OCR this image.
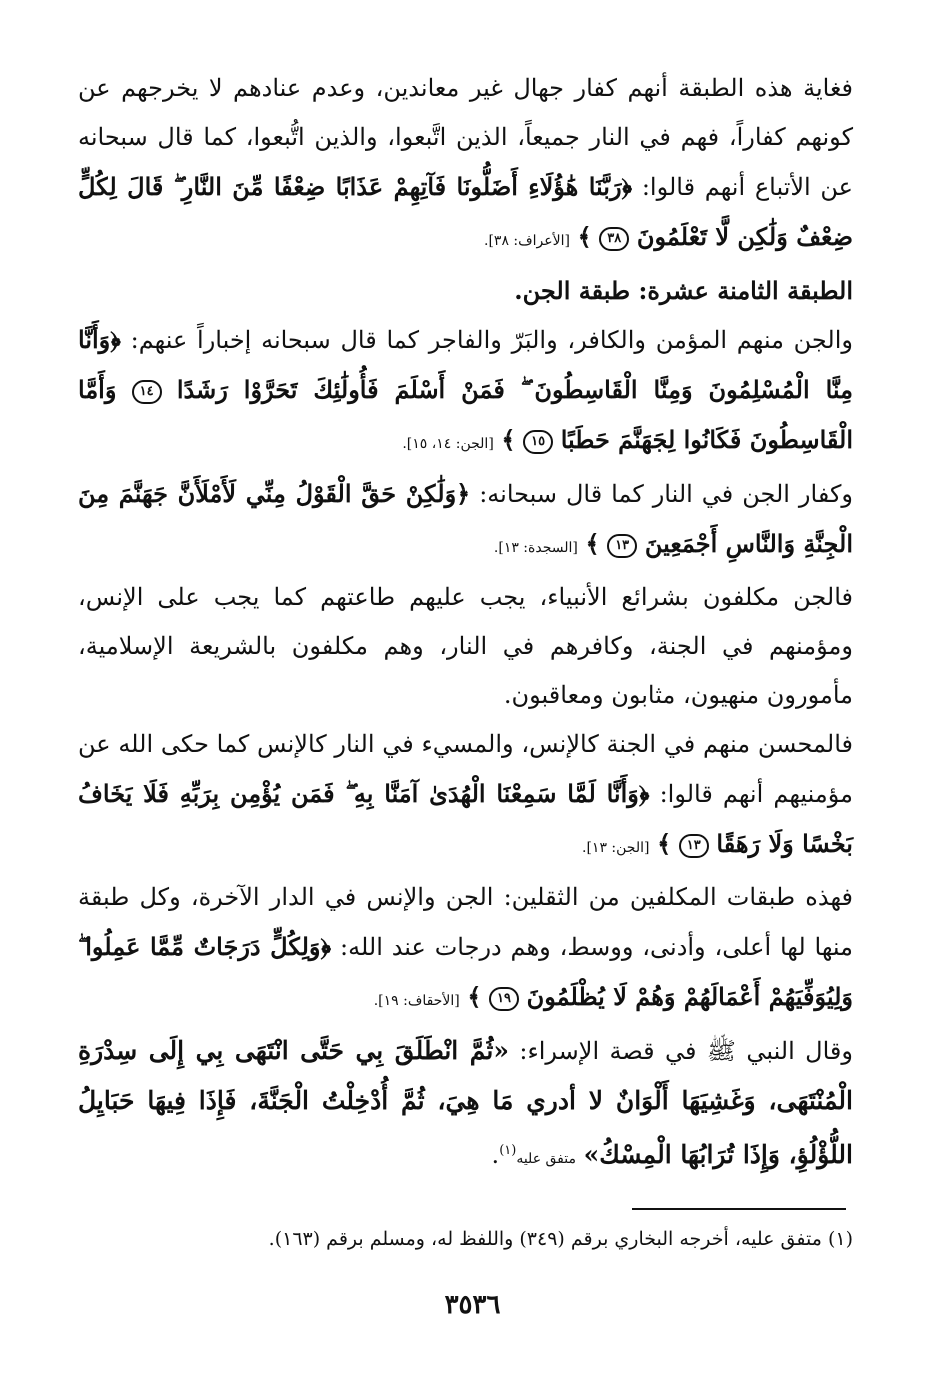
فغاية هذه الطبقة أنهم كفار جهال غير معاندين، وعدم عنادهم لا يخرجهم عن كونهم كفاراً، فهم في النار جميعاً، الذين اتَّبعوا، والذين اتُّبعوا، كما قال سبحانه عن الأتباع أنهم قالوا: ﴿رَبَّنَا هَٰؤُلَاءِ أَضَلُّونَا فَآتِهِمْ عَذَابًا ضِعْفًا مِّنَ النَّارِ ۖ قَالَ لِكُلٍّ ضِعْفٌ وَلَٰكِن لَّا تَعْلَمُونَ ٣٨ ﴾ [الأعراف: ٣٨].

الطبقة الثامنة عشرة: طبقة الجن.

والجن منهم المؤمن والكافر، والبَرّ والفاجر كما قال سبحانه إخباراً عنهم: ﴿وَأَنَّا مِنَّا الْمُسْلِمُونَ وَمِنَّا الْقَاسِطُونَ ۖ فَمَنْ أَسْلَمَ فَأُولَٰئِكَ تَحَرَّوْا رَشَدًا ١٤ وَأَمَّا الْقَاسِطُونَ فَكَانُوا لِجَهَنَّمَ حَطَبًا ١٥ ﴾ [الجن: ١٤، ١٥].

وكفار الجن في النار كما قال سبحانه: ﴿وَلَٰكِنْ حَقَّ الْقَوْلُ مِنِّي لَأَمْلَأَنَّ جَهَنَّمَ مِنَ الْجِنَّةِ وَالنَّاسِ أَجْمَعِينَ ١٣ ﴾ [السجدة: ١٣].

فالجن مكلفون بشرائع الأنبياء، يجب عليهم طاعتهم كما يجب على الإنس، ومؤمنهم في الجنة، وكافرهم في النار، وهم مكلفون بالشريعة الإسلامية، مأمورون منهيون، مثابون ومعاقبون.

فالمحسن منهم في الجنة كالإنس، والمسيء في النار كالإنس كما حكى الله عن مؤمنيهم أنهم قالوا: ﴿وَأَنَّا لَمَّا سَمِعْنَا الْهُدَىٰ آمَنَّا بِهِ ۖ فَمَن يُؤْمِن بِرَبِّهِ فَلَا يَخَافُ بَخْسًا وَلَا رَهَقًا ١٣ ﴾ [الجن: ١٣].

فهذه طبقات المكلفين من الثقلين: الجن والإنس في الدار الآخرة، وكل طبقة منها لها أعلى، وأدنى، ووسط، وهم درجات عند الله: ﴿وَلِكُلٍّ دَرَجَاتٌ مِّمَّا عَمِلُوا ۖ وَلِيُوَفِّيَهُمْ أَعْمَالَهُمْ وَهُمْ لَا يُظْلَمُونَ ١٩ ﴾ [الأحقاف: ١٩].

وقال النبي ﷺ في قصة الإسراء: «ثُمَّ انْطَلَقَ بِي حَتَّى انْتَهَى بِي إِلَى سِدْرَةِ الْمُنْتَهَى، وَغَشِيَهَا أَلْوَانٌ لا أدري مَا هِيَ، ثُمَّ أُدْخِلْتُ الْجَنَّةَ، فَإِذَا فِيهَا حَبَايِلُ اللُّؤْلُؤِ، وَإِذَا تُرَابُهَا الْمِسْكُ» متفق عليه$^{(١)}$.

(١) متفق عليه، أخرجه البخاري برقم (٣٤٩) واللفظ له، ومسلم برقم (١٦٣).
٣٥٣٦
